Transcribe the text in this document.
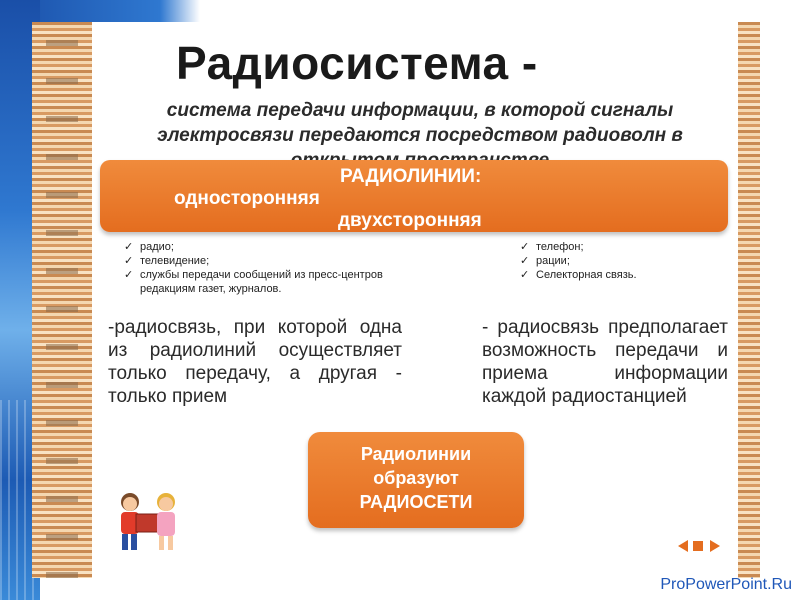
Радиосистема -
система передачи информации, в которой сигналы электросвязи передаются посредством радиоволн в
РАДИОЛИНИИ:
односторонняя
двухсторонняя
✓ радио;
✓ телевидение;
✓ службы передачи сообщений из пресс-центров редакциям газет, журналов.
✓ телефон;
✓ рации;
✓ Селекторная связь.
-радиосвязь, при которой одна из радиолиний осуществляет только передачу, а другая - только прием
- радиосвязь предполагает возможность передачи и приема информации каждой радиостанцией
Радиолинии
образуют
РАДИОСЕТИ
ProPowerPoint.Ru
